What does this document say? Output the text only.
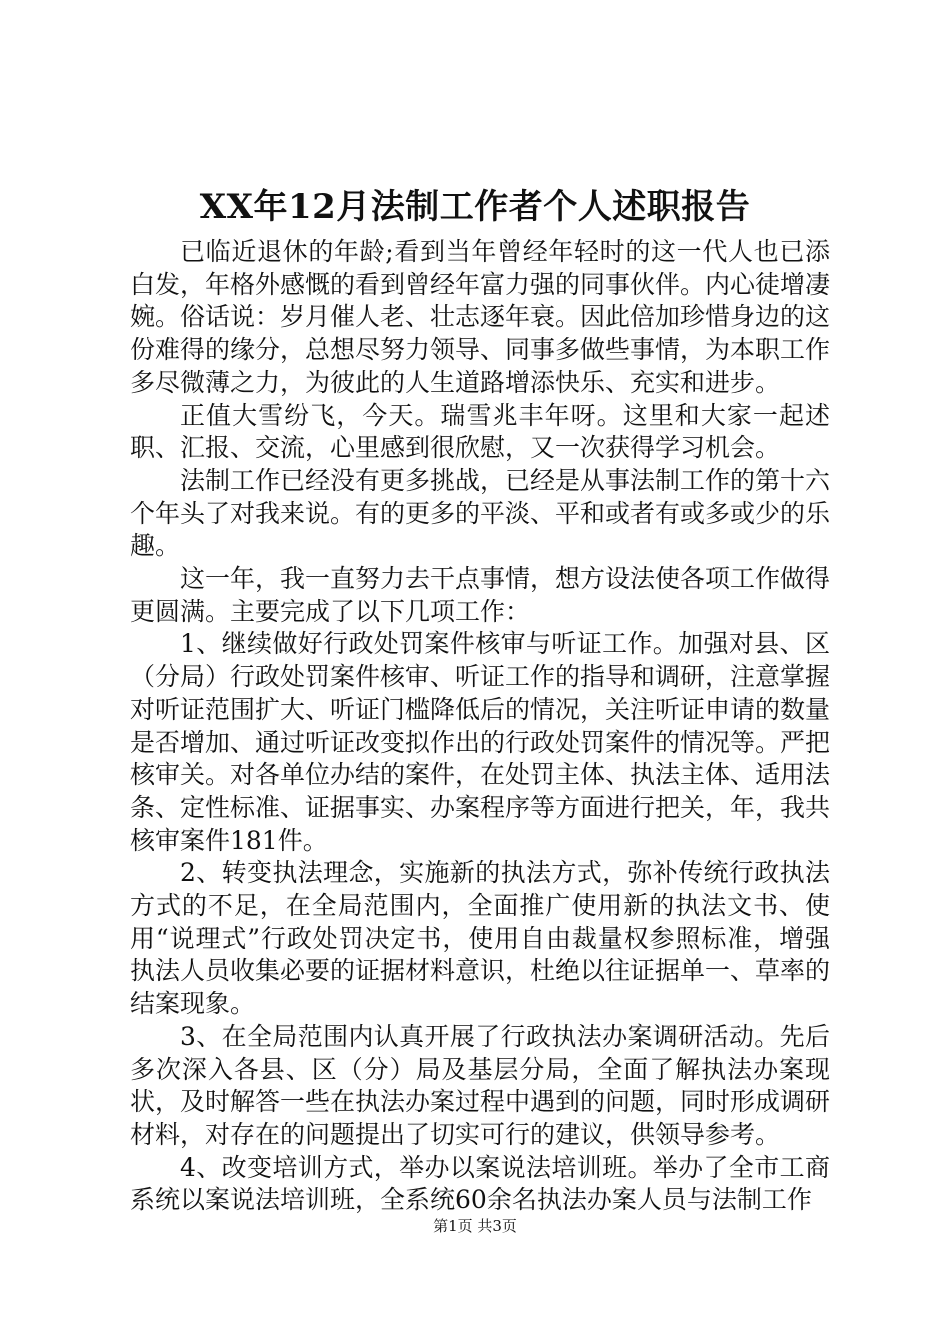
XX年12月法制工作者个人述职报告

已临近退休的年龄;看到当年曾经年轻时的这一代人也已添白发，年格外感慨的看到曾经年富力强的同事伙伴。内心徒增凄婉。俗话说：岁月催人老、壮志逐年衰。因此倍加珍惜身边的这份难得的缘分，总想尽努力领导、同事多做些事情，为本职工作多尽微薄之力，为彼此的人生道路增添快乐、充实和进步。

正值大雪纷飞，今天。瑞雪兆丰年呀。这里和大家一起述职、汇报、交流，心里感到很欣慰，又一次获得学习机会。

法制工作已经没有更多挑战，已经是从事法制工作的第十六个年头了对我来说。有的更多的平淡、平和或者有或多或少的乐趣。

这一年，我一直努力去干点事情，想方设法使各项工作做得更圆满。主要完成了以下几项工作：

1、继续做好行政处罚案件核审与听证工作。加强对县、区（分局）行政处罚案件核审、听证工作的指导和调研，注意掌握对听证范围扩大、听证门槛降低后的情况，关注听证申请的数量是否增加、通过听证改变拟作出的行政处罚案件的情况等。严把核审关。对各单位办结的案件，在处罚主体、执法主体、适用法条、定性标准、证据事实、办案程序等方面进行把关，年，我共核审案件181件。

2、转变执法理念，实施新的执法方式，弥补传统行政执法方式的不足，在全局范围内，全面推广使用新的执法文书、使用“说理式”行政处罚决定书，使用自由裁量权参照标准，增强执法人员收集必要的证据材料意识，杜绝以往证据单一、草率的结案现象。

3、在全局范围内认真开展了行政执法办案调研活动。先后多次深入各县、区（分）局及基层分局，全面了解执法办案现状，及时解答一些在执法办案过程中遇到的问题，同时形成调研材料，对存在的问题提出了切实可行的建议，供领导参考。

4、改变培训方式，举办以案说法培训班。举办了全市工商系统以案说法培训班，全系统60余名执法办案人员与法制工作

第1页 共3页
